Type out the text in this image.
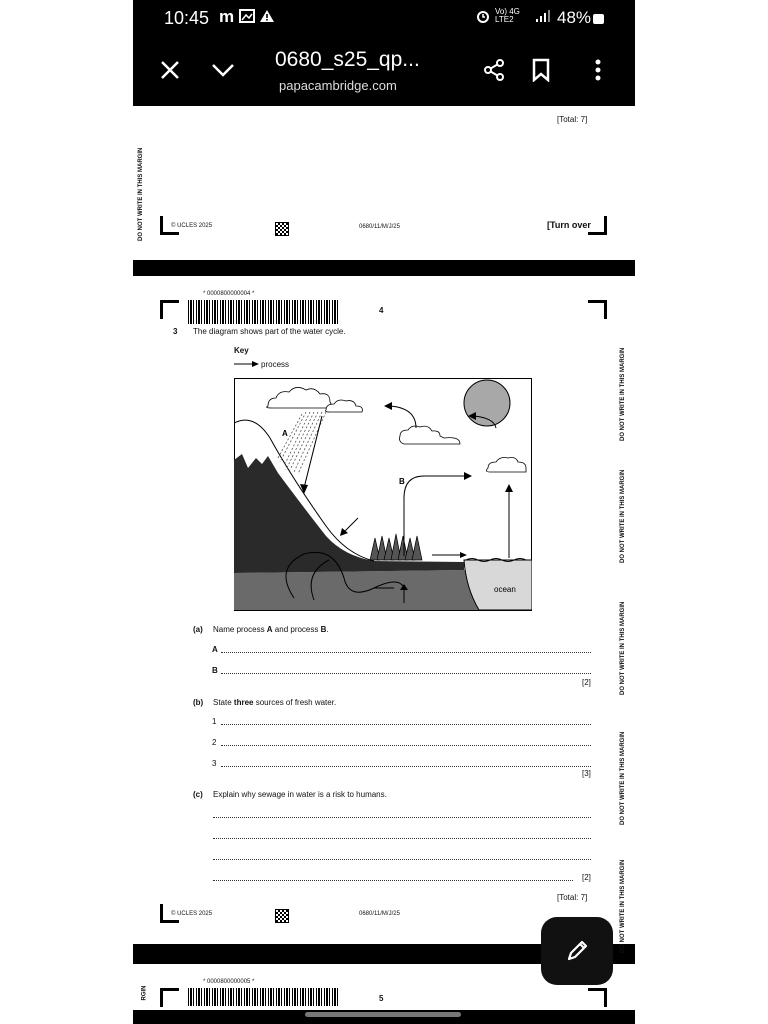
10:45 m	Vo) 4G
LTE2	48%
0680_s25_qp...
papacambridge.com
DO NOT WRITE IN THIS MARGIN
[Total: 7]
© UCLES 2025	0680/11/M/J/25	[Turn over
* 0000800000004 *
4
DO NOT WRITE IN THIS MARGIN
DO NOT WRITE IN THIS MARGIN
DO NOT WRITE IN THIS MARGIN
DO NOT WRITE IN THIS MARGIN
DO NOT WRITE IN THIS MARGIN
3 The diagram shows part of the water cycle.
Key
process
A
B
ocean
(a) Name process A and process B.
A
B
[2]
(b) State three sources of fresh water.
1
2
3
[3]
(c) Explain why sewage in water is a risk to humans.
[2]
[Total: 7]
© UCLES 2025	0680/11/M/J/25
* 0000800000005 *
5
RGIN
